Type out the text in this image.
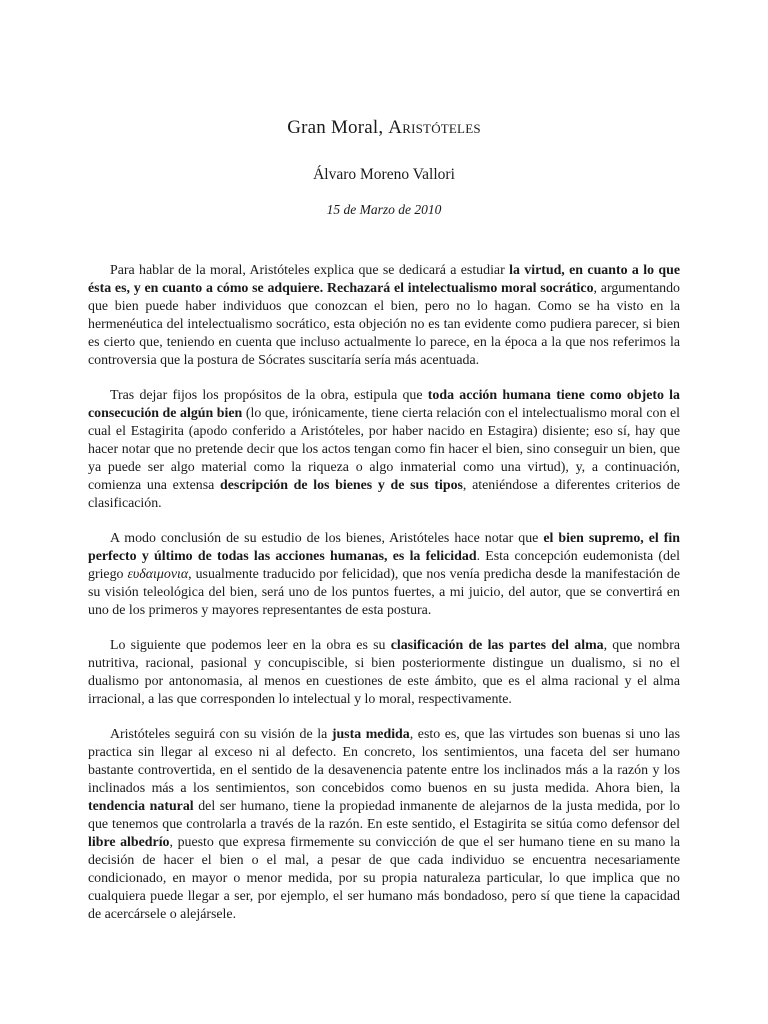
Gran Moral, Aristóteles
Álvaro Moreno Vallori
15 de Marzo de 2010

Para hablar de la moral, Aristóteles explica que se dedicará a estudiar la virtud, en cuanto a lo que ésta es, y en cuanto a cómo se adquiere. Rechazará el intelectualismo moral socrático, argumentando que bien puede haber individuos que conozcan el bien, pero no lo hagan. Como se ha visto en la hermenéutica del intelectualismo socrático, esta objeción no es tan evidente como pudiera parecer, si bien es cierto que, teniendo en cuenta que incluso actualmente lo parece, en la época a la que nos referimos la controversia que la postura de Sócrates suscitaría sería más acentuada.

Tras dejar fijos los propósitos de la obra, estipula que toda acción humana tiene como objeto la consecución de algún bien (lo que, irónicamente, tiene cierta relación con el intelectualismo moral con el cual el Estagirita (apodo conferido a Aristóteles, por haber nacido en Estagira) disiente; eso sí, hay que hacer notar que no pretende decir que los actos tengan como fin hacer el bien, sino conseguir un bien, que ya puede ser algo material como la riqueza o algo inmaterial como una virtud), y, a continuación, comienza una extensa descripción de los bienes y de sus tipos, ateniéndose a diferentes criterios de clasificación.

A modo conclusión de su estudio de los bienes, Aristóteles hace notar que el bien supremo, el fin perfecto y último de todas las acciones humanas, es la felicidad. Esta concepción eudemonista (del griego ευδαιμονια, usualmente traducido por felicidad), que nos venía predicha desde la manifestación de su visión teleológica del bien, será uno de los puntos fuertes, a mi juicio, del autor, que se convertirá en uno de los primeros y mayores representantes de esta postura.

Lo siguiente que podemos leer en la obra es su clasificación de las partes del alma, que nombra nutritiva, racional, pasional y concupiscible, si bien posteriormente distingue un dualismo, si no el dualismo por antonomasia, al menos en cuestiones de este ámbito, que es el alma racional y el alma irracional, a las que corresponden lo intelectual y lo moral, respectivamente.

Aristóteles seguirá con su visión de la justa medida, esto es, que las virtudes son buenas si uno las practica sin llegar al exceso ni al defecto. En concreto, los sentimientos, una faceta del ser humano bastante controvertida, en el sentido de la desavenencia patente entre los inclinados más a la razón y los inclinados más a los sentimientos, son concebidos como buenos en su justa medida. Ahora bien, la tendencia natural del ser humano, tiene la propiedad inmanente de alejarnos de la justa medida, por lo que tenemos que controlarla a través de la razón. En este sentido, el Estagirita se sitúa como defensor del libre albedrío, puesto que expresa firmemente su convicción de que el ser humano tiene en su mano la decisión de hacer el bien o el mal, a pesar de que cada individuo se encuentra necesariamente condicionado, en mayor o menor medida, por su propia naturaleza particular, lo que implica que no cualquiera puede llegar a ser, por ejemplo, el ser humano más bondadoso, pero sí que tiene la capacidad de acercársele o alejársele.
